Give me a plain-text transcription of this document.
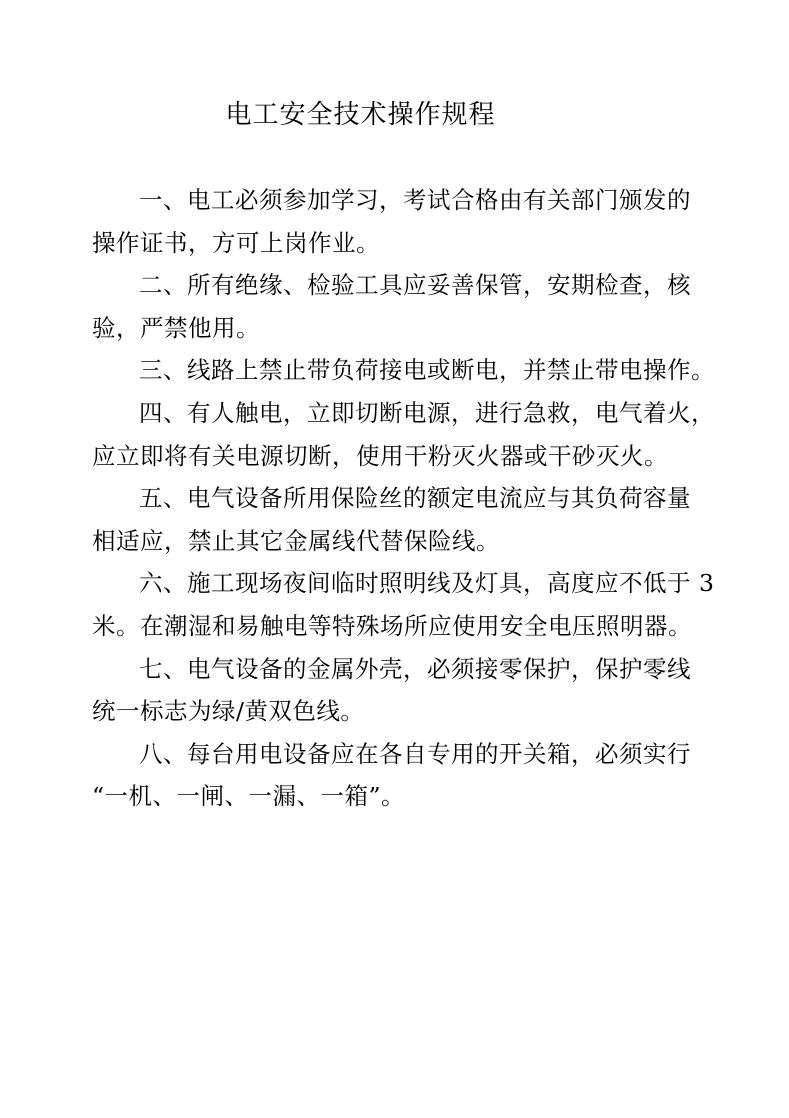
电工安全技术操作规程
一、电工必须参加学习，考试合格由有关部门颁发的
操作证书，方可上岗作业。
二、所有绝缘、检验工具应妥善保管，安期检查，核
验，严禁他用。
三、线路上禁止带负荷接电或断电，并禁止带电操作。
四、有人触电，立即切断电源，进行急救，电气着火，
应立即将有关电源切断，使用干粉灭火器或干砂灭火。
五、电气设备所用保险丝的额定电流应与其负荷容量
相适应，禁止其它金属线代替保险线。
六、施工现场夜间临时照明线及灯具，高度应不低于 3
米。在潮湿和易触电等特殊场所应使用安全电压照明器。
七、电气设备的金属外壳，必须接零保护，保护零线
统一标志为绿/黄双色线。
八、每台用电设备应在各自专用的开关箱，必须实行
“一机、一闸、一漏、一箱”。
